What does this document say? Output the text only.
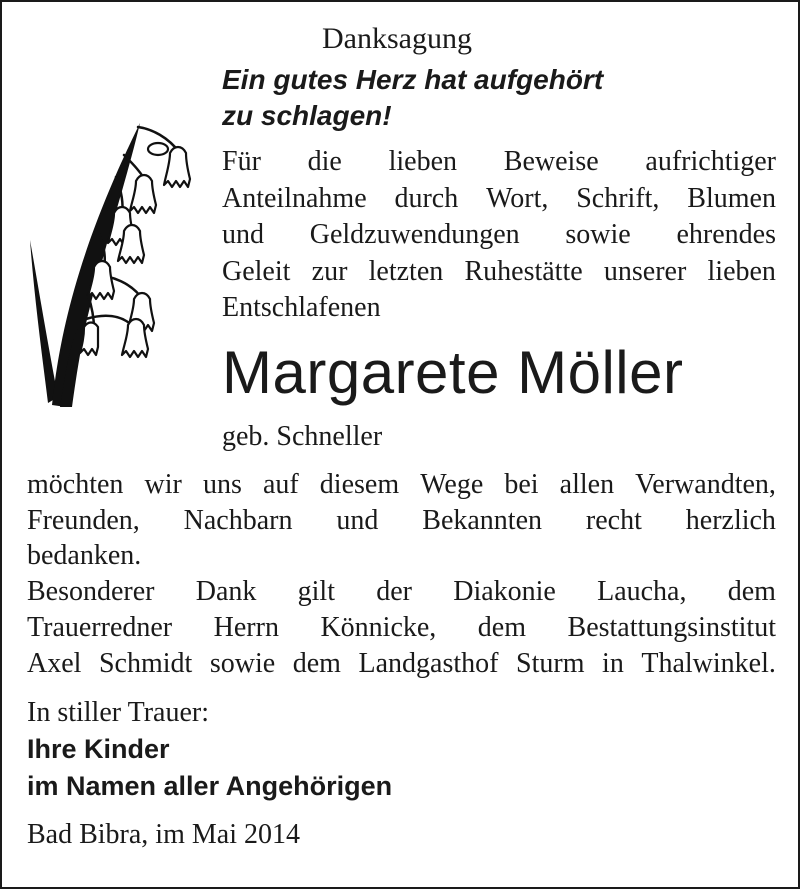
Danksagung
Ein gutes Herz hat aufgehört
zu schlagen!
Für die lieben Beweise aufrichtiger
Anteilnahme durch Wort, Schrift, Blumen
und Geldzuwendungen sowie ehrendes
Geleit zur letzten Ruhestätte unserer lieben
Entschlafenen
Margarete Möller
geb. Schneller
möchten wir uns auf diesem Wege bei allen Verwandten,
Freunden, Nachbarn und Bekannten recht herzlich
bedanken.
Besonderer Dank gilt der Diakonie Laucha, dem
Trauerredner Herrn Könnicke, dem Bestattungsinstitut
Axel Schmidt sowie dem Landgasthof Sturm in Thalwinkel.
In stiller Trauer:
Ihre Kinder
im Namen aller Angehörigen
Bad Bibra, im Mai 2014
